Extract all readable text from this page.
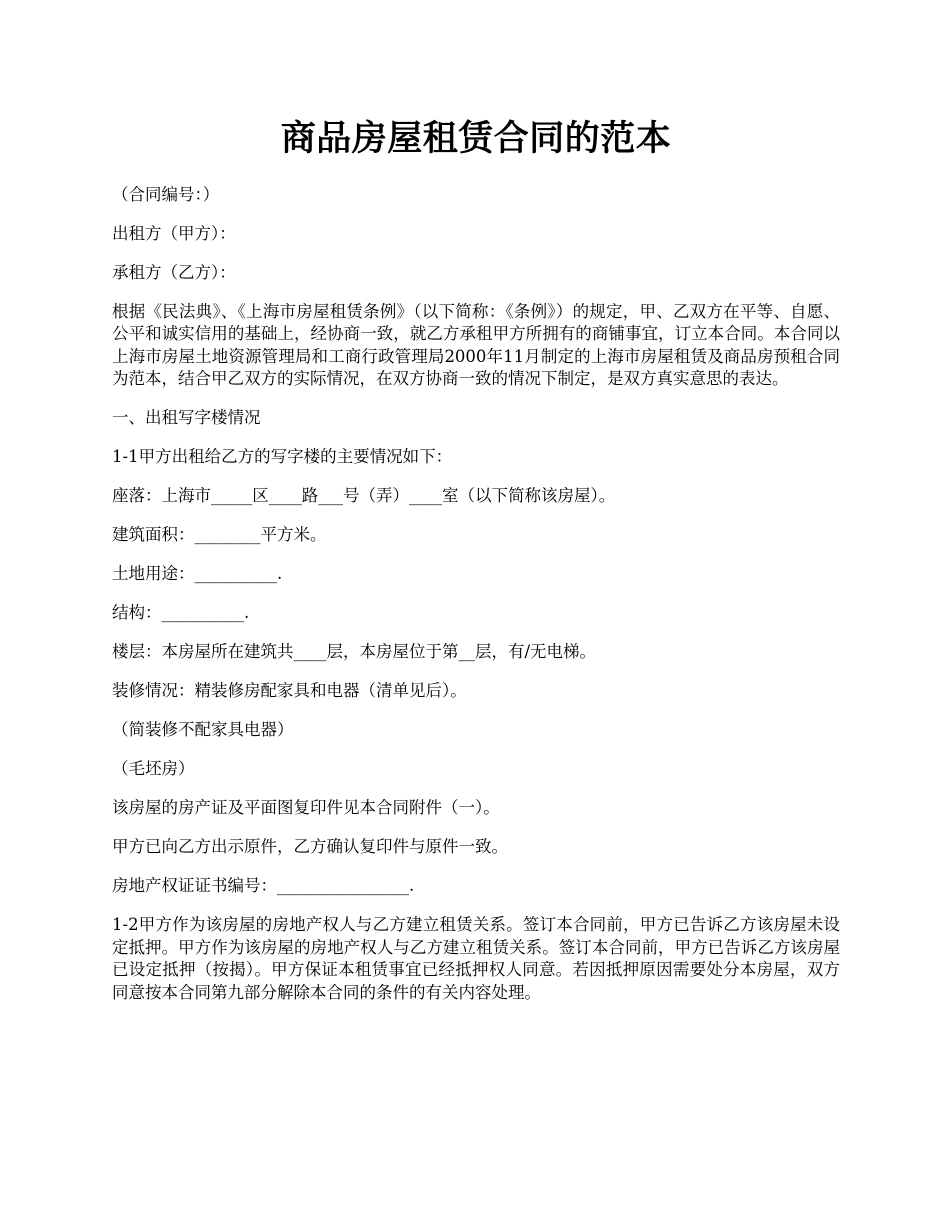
商品房屋租赁合同的范本

（合同编号：）

出租方（甲方）：

承租方（乙方）：

根据《民法典》、《上海市房屋租赁条例》（以下简称：《条例》）的规定，甲、乙双方在平等、自愿、公平和诚实信用的基础上，经协商一致，就乙方承租甲方所拥有的商铺事宜，订立本合同。本合同以上海市房屋土地资源管理局和工商行政管理局2000年11月制定的上海市房屋租赁及商品房预租合同为范本，结合甲乙双方的实际情况，在双方协商一致的情况下制定，是双方真实意思的表达。

一、出租写字楼情况

1-1甲方出租给乙方的写字楼的主要情况如下：

座落：上海市_____区____路___号（弄）____室（以下简称该房屋）。

建筑面积：________平方米。

土地用途：__________.

结构：__________.

楼层：本房屋所在建筑共____层，本房屋位于第__层，有/无电梯。

装修情况：精装修房配家具和电器（清单见后）。

（简装修不配家具电器）

（毛坯房）

该房屋的房产证及平面图复印件见本合同附件（一）。

甲方已向乙方出示原件，乙方确认复印件与原件一致。

房地产权证证书编号：________________.

1-2甲方作为该房屋的房地产权人与乙方建立租赁关系。签订本合同前，甲方已告诉乙方该房屋未设定抵押。甲方作为该房屋的房地产权人与乙方建立租赁关系。签订本合同前，甲方已告诉乙方该房屋已设定抵押（按揭）。甲方保证本租赁事宜已经抵押权人同意。若因抵押原因需要处分本房屋，双方同意按本合同第九部分解除本合同的条件的有关内容处理。
